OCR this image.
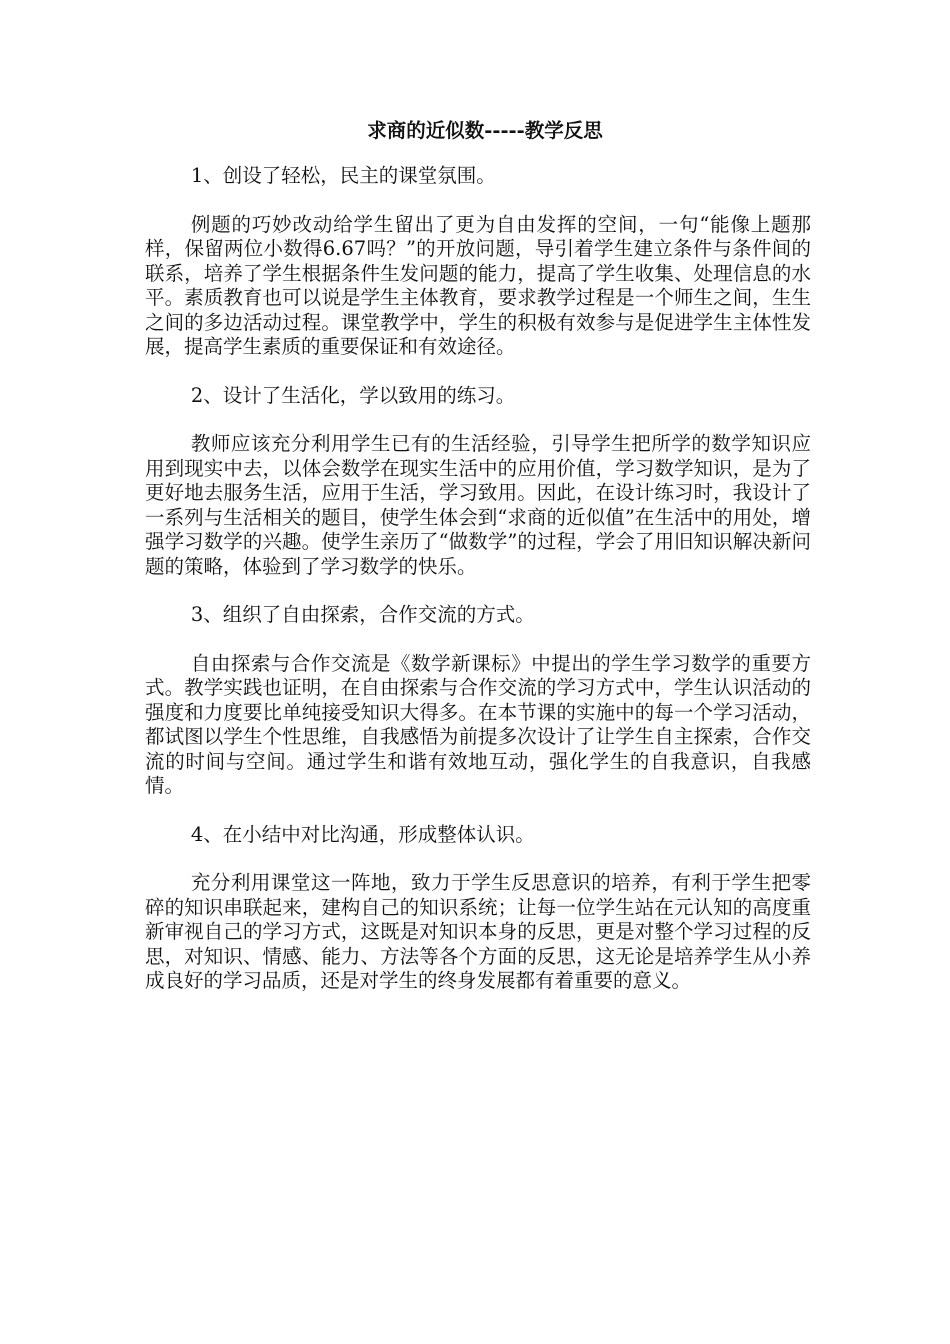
求商的近似数-----教学反思
1、创设了轻松，民主的课堂氛围。
例题的巧妙改动给学生留出了更为自由发挥的空间，一句“能像上题那样，保留两位小数得6.67吗？”的开放问题，导引着学生建立条件与条件间的联系，培养了学生根据条件生发问题的能力，提高了学生收集、处理信息的水平。素质教育也可以说是学生主体教育，要求教学过程是一个师生之间，生生之间的多边活动过程。课堂教学中，学生的积极有效参与是促进学生主体性发展，提高学生素质的重要保证和有效途径。
2、设计了生活化，学以致用的练习。
教师应该充分利用学生已有的生活经验，引导学生把所学的数学知识应用到现实中去，以体会数学在现实生活中的应用价值，学习数学知识，是为了更好地去服务生活，应用于生活，学习致用。因此，在设计练习时，我设计了一系列与生活相关的题目，使学生体会到“求商的近似值”在生活中的用处，增强学习数学的兴趣。使学生亲历了“做数学”的过程，学会了用旧知识解决新问题的策略，体验到了学习数学的快乐。
3、组织了自由探索，合作交流的方式。
自由探索与合作交流是《数学新课标》中提出的学生学习数学的重要方式。教学实践也证明，在自由探索与合作交流的学习方式中，学生认识活动的强度和力度要比单纯接受知识大得多。在本节课的实施中的每一个学习活动，都试图以学生个性思维，自我感悟为前提多次设计了让学生自主探索，合作交流的时间与空间。通过学生和谐有效地互动，强化学生的自我意识，自我感情。
4、在小结中对比沟通，形成整体认识。
充分利用课堂这一阵地，致力于学生反思意识的培养，有利于学生把零碎的知识串联起来，建构自己的知识系统；让每一位学生站在元认知的高度重新审视自己的学习方式，这既是对知识本身的反思，更是对整个学习过程的反思，对知识、情感、能力、方法等各个方面的反思，这无论是培养学生从小养成良好的学习品质，还是对学生的终身发展都有着重要的意义。
